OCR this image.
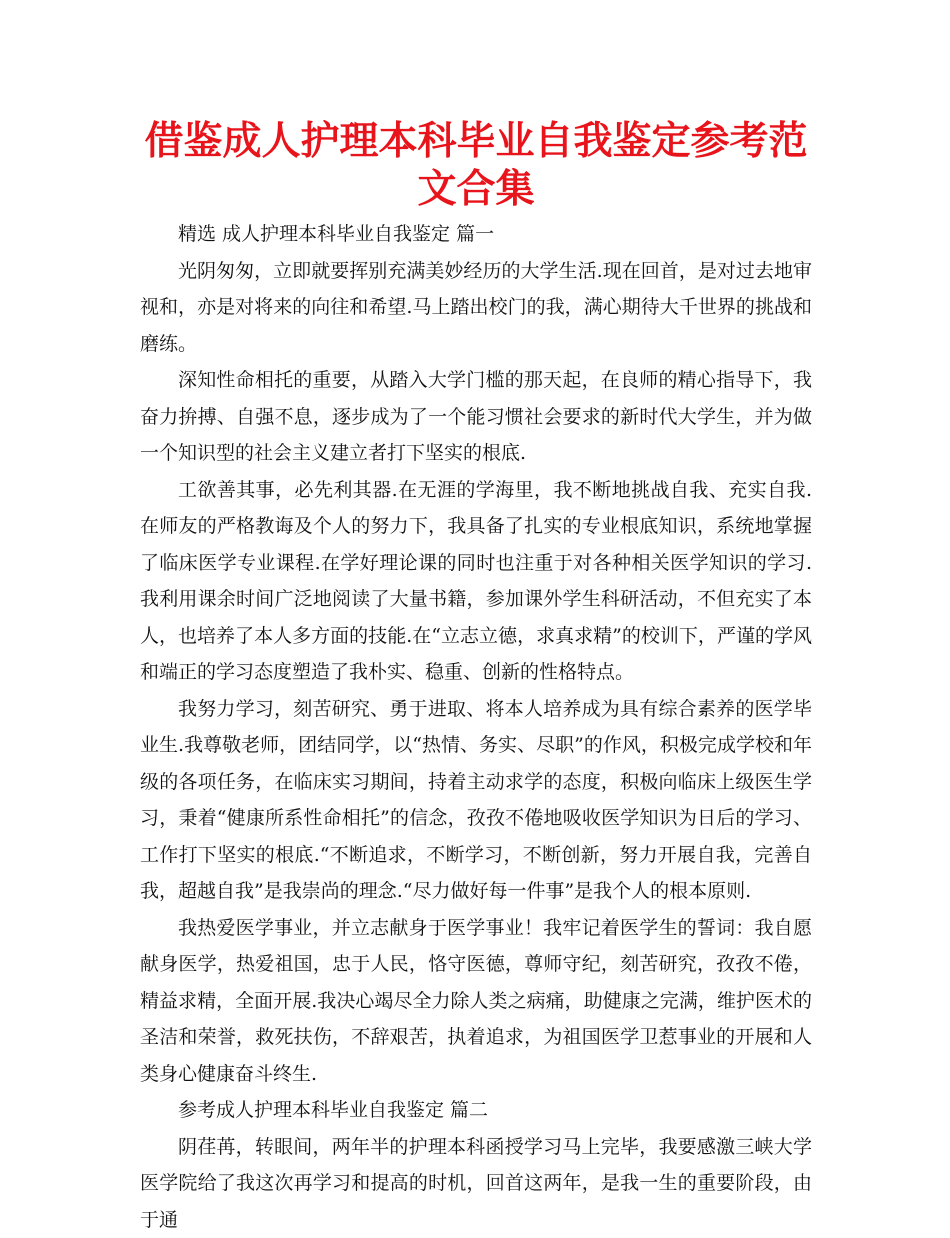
借鉴成人护理本科毕业自我鉴定参考范文合集

精选 成人护理本科毕业自我鉴定 篇一

光阴匆匆，立即就要挥别充满美妙经历的大学生活.现在回首，是对过去地审视和，亦是对将来的向往和希望.马上踏出校门的我，满心期待大千世界的挑战和磨练。

深知性命相托的重要，从踏入大学门槛的那天起，在良师的精心指导下，我奋力拚搏、自强不息，逐步成为了一个能习惯社会要求的新时代大学生，并为做一个知识型的社会主义建立者打下坚实的根底.

工欲善其事，必先利其器.在无涯的学海里，我不断地挑战自我、充实自我.在师友的严格教诲及个人的努力下，我具备了扎实的专业根底知识，系统地掌握了临床医学专业课程.在学好理论课的同时也注重于对各种相关医学知识的学习.我利用课余时间广泛地阅读了大量书籍，参加课外学生科研活动，不但充实了本人，也培养了本人多方面的技能.在“立志立德，求真求精”的校训下，严谨的学风和端正的学习态度塑造了我朴实、稳重、创新的性格特点。

我努力学习，刻苦研究、勇于进取、将本人培养成为具有综合素养的医学毕业生.我尊敬老师，团结同学，以“热情、务实、尽职”的作风，积极完成学校和年级的各项任务，在临床实习期间，持着主动求学的态度，积极向临床上级医生学习，秉着“健康所系性命相托”的信念，孜孜不倦地吸收医学知识为日后的学习、工作打下坚实的根底.“不断追求，不断学习，不断创新，努力开展自我，完善自我，超越自我”是我崇尚的理念.“尽力做好每一件事”是我个人的根本原则.

我热爱医学事业，并立志献身于医学事业！我牢记着医学生的誓词：我自愿献身医学，热爱祖国，忠于人民，恪守医德，尊师守纪，刻苦研究，孜孜不倦，精益求精，全面开展.我决心竭尽全力除人类之病痛，助健康之完满，维护医术的圣洁和荣誉，救死扶伤，不辞艰苦，执着追求，为祖国医学卫惹事业的开展和人类身心健康奋斗终生.

参考成人护理本科毕业自我鉴定 篇二

阴荏苒，转眼间，两年半的护理本科函授学习马上完毕，我要感激三峡大学医学院给了我这次再学习和提高的时机，回首这两年，是我一生的重要阶段，由于通
